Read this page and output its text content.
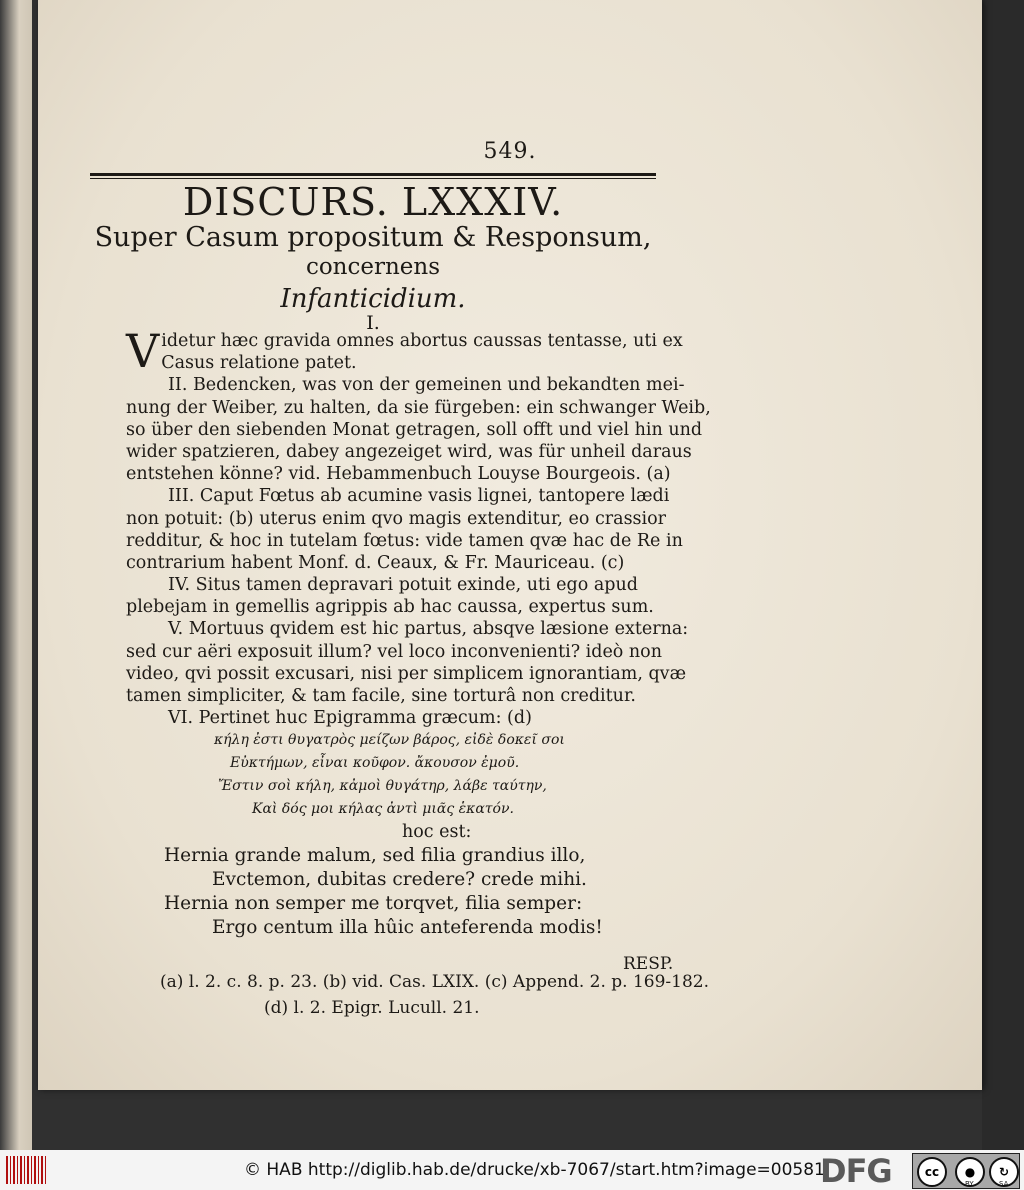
549.
DISCURS. LXXXIV.
Super Casum propositum & Responsum,
concernens
Infanticidium.
I.
V idetur hæc gravida omnes abortus caussas tentasse, uti ex
Casus relatione patet.
II. Bedencken, was von der gemeinen und bekandten mei-
nung der Weiber, zu halten, da sie fürgeben: ein schwanger Weib,
so über den siebenden Monat getragen, soll offt und viel hin und
wider spatzieren, dabey angezeiget wird, was für unheil daraus
entstehen könne? vid. Hebammenbuch Louyse Bourgeois. (a)
III. Caput Fœtus ab acumine vasis lignei, tantopere lædi
non potuit: (b) uterus enim qvo magis extenditur, eo crassior
redditur, & hoc in tutelam fœtus: vide tamen qvæ hac de Re in
contrarium habent Monf. d. Ceaux, & Fr. Mauriceau. (c)
IV. Situs tamen depravari potuit exinde, uti ego apud
plebejam in gemellis agrippis ab hac caussa, expertus sum.
V. Mortuus qvidem est hic partus, absqve læsione externa:
sed cur aëri exposuit illum? vel loco inconvenienti? ideò non
video, qvi possit excusari, nisi per simplicem ignorantiam, qvæ
tamen simpliciter, & tam facile, sine torturâ non creditur.
VI. Pertinet huc Epigramma græcum: (d)
κήλη ἐστι θυγατρὸς μείζων βάρος, εἰδὲ δοκεῖ σοι
Εὐκτήμων, εἶναι κοῦφον. ἄκουσον ἐμοῦ.
Ἔστιν σοὶ κήλη, κἀμοὶ θυγάτηρ, λάβε ταύτην,
Καὶ δός μοι κήλας ἀντὶ μιᾶς ἑκατόν.
hoc est:
Hernia grande malum, sed filia grandius illo,
Evctemon, dubitas credere? crede mihi.
Hernia non semper me torqvet, filia semper:
Ergo centum illa hûic anteferenda modis!
RESP.
(a) l. 2. c. 8. p. 23. (b) vid. Cas. LXIX. (c) Append. 2. p. 169-182.
(d) l. 2. Epigr. Lucull. 21.
© HAB http://diglib.hab.de/drucke/xb-7067/start.htm?image=00581
DFG	cc	●	↻
BY	SA
